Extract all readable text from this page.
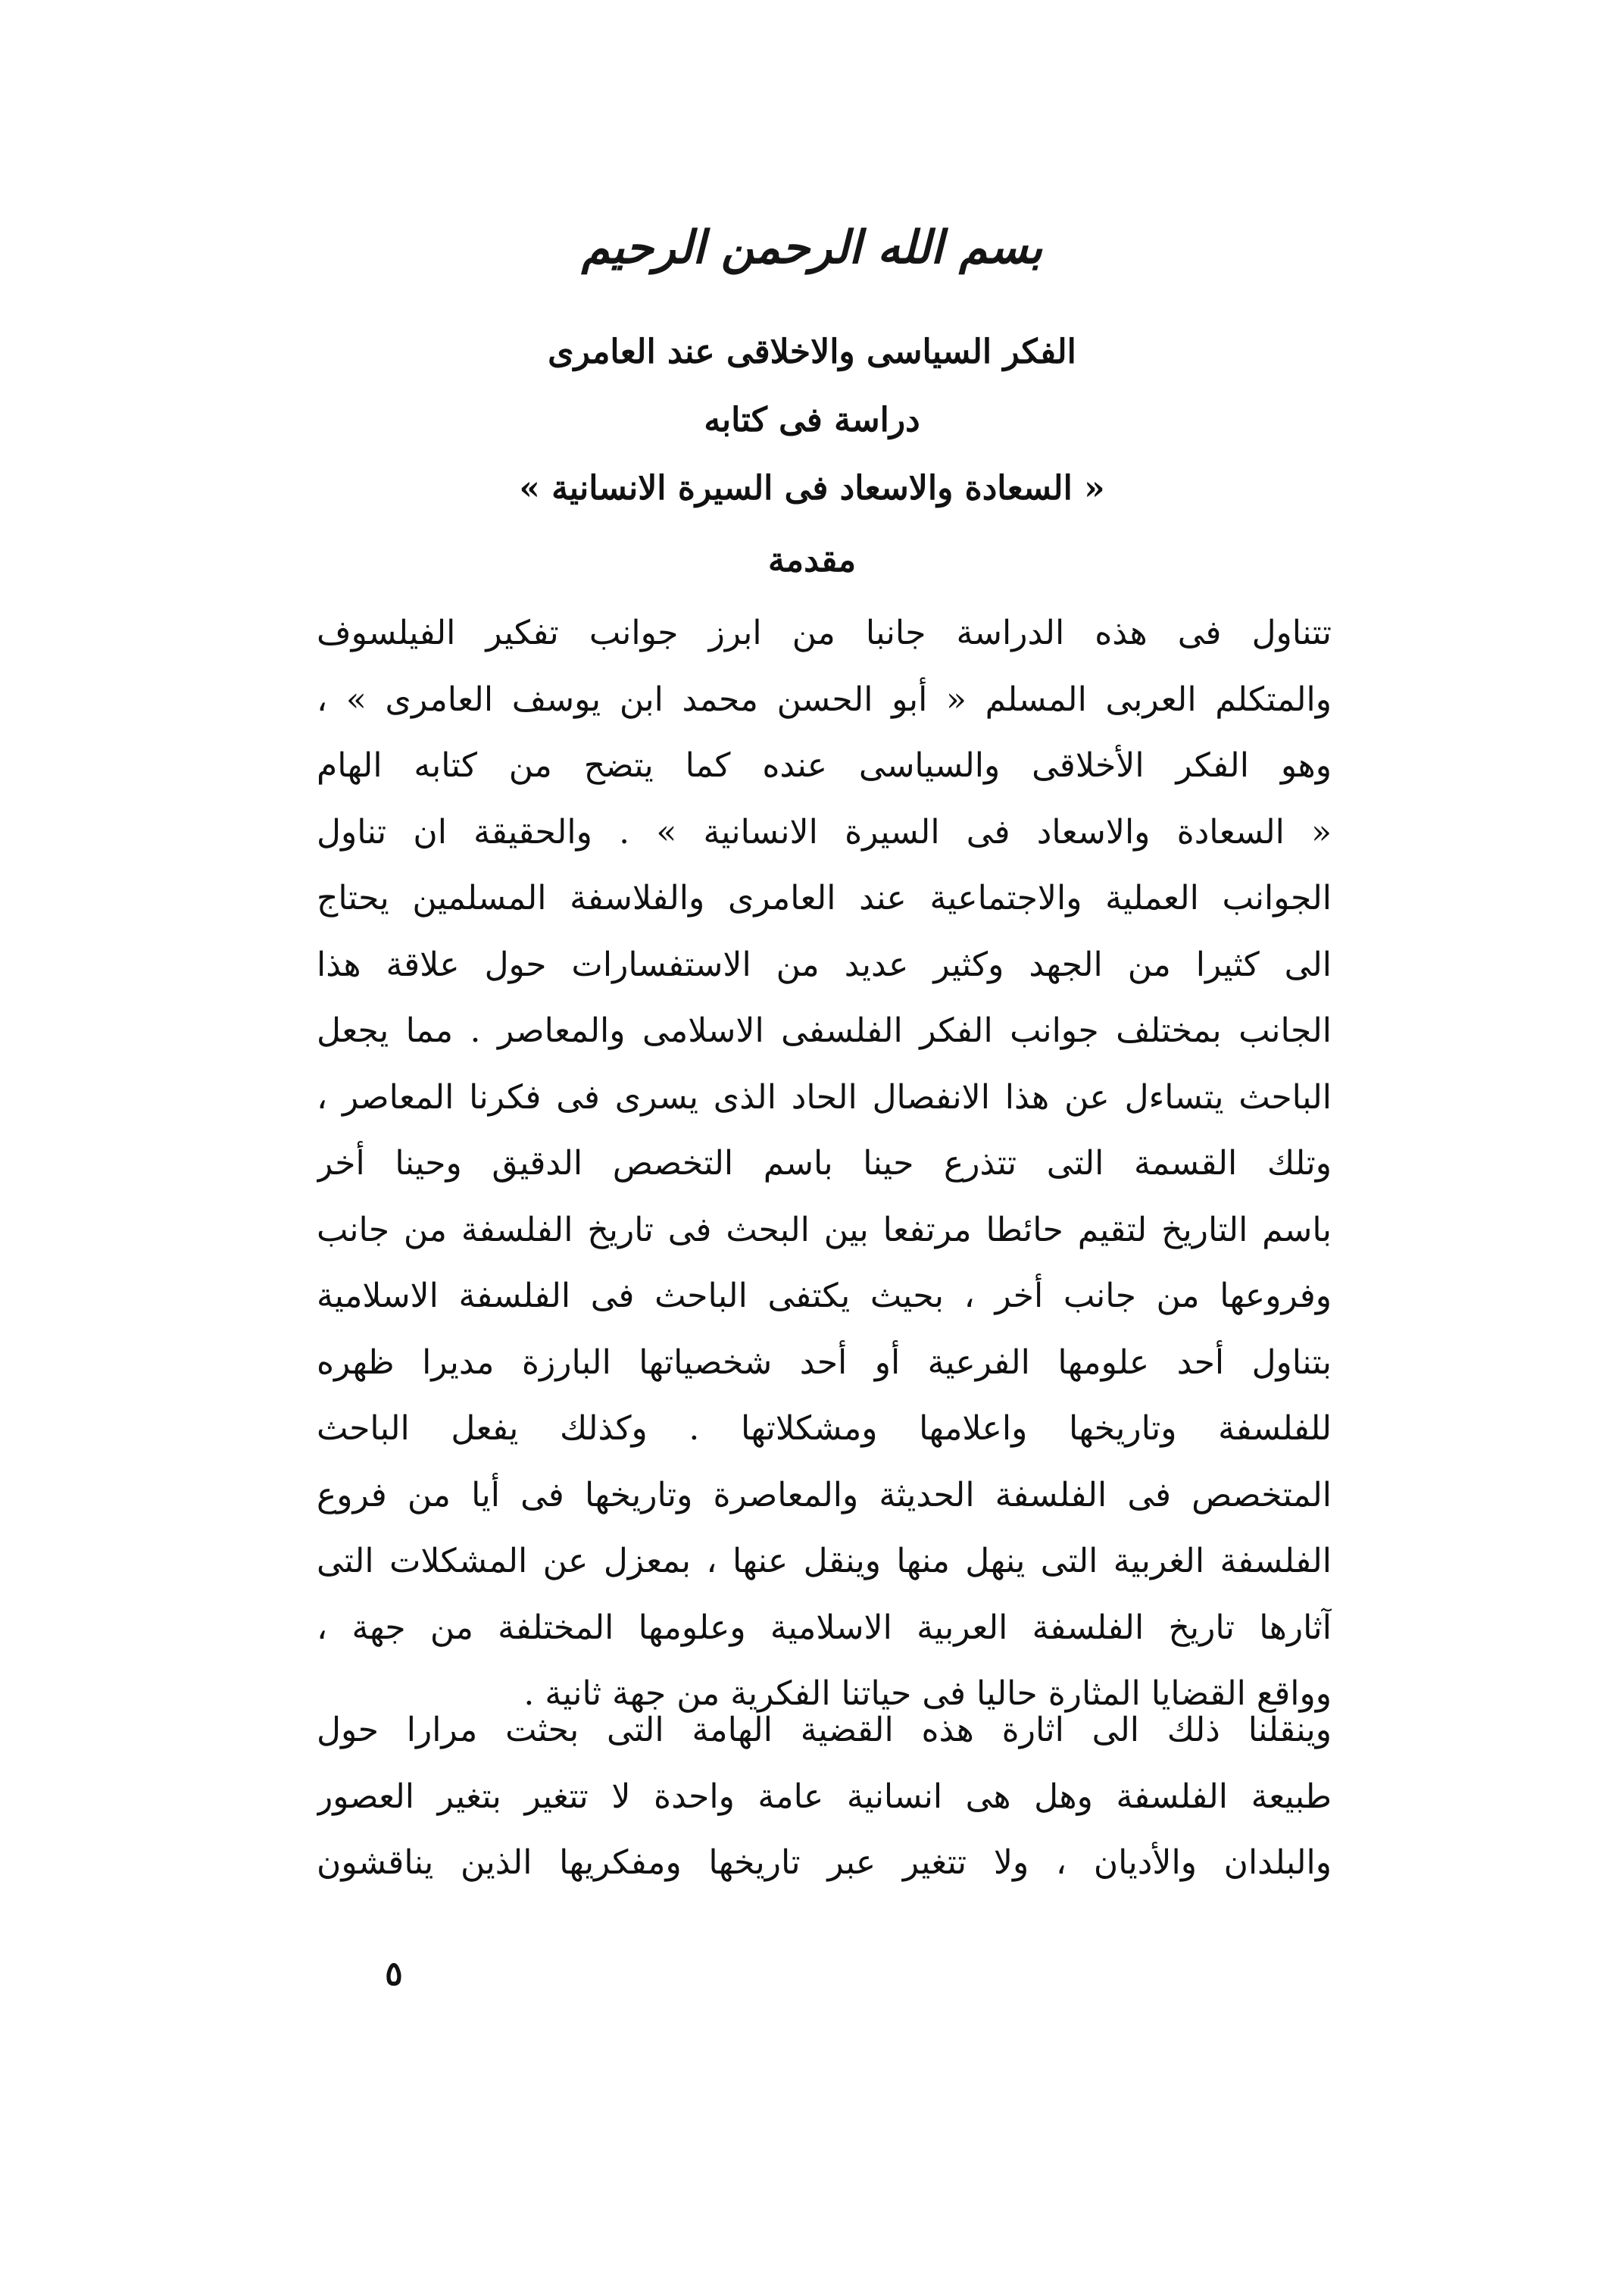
بسم الله الرحمن الرحيم
الفكر السياسى والاخلاقى عند العامرى
دراسة فى كتابه
« السعادة والاسعاد فى السيرة الانسانية »
مقدمة
تتناول فى هذه الدراسة جانبا من ابرز جوانب تفكير الفيلسوف
والمتكلم العربى المسلم « أبو الحسن محمد ابن يوسف العامرى » ،
وهو الفكر الأخلاقى والسياسى عنده كما يتضح من كتابه الهام
« السعادة والاسعاد فى السيرة الانسانية » . والحقيقة ان تناول
الجوانب العملية والاجتماعية عند العامرى والفلاسفة المسلمين يحتاج
الى كثيرا من الجهد وكثير عديد من الاستفسارات حول علاقة هذا
الجانب بمختلف جوانب الفكر الفلسفى الاسلامى والمعاصر . مما يجعل
الباحث يتساءل عن هذا الانفصال الحاد الذى يسرى فى فكرنا المعاصر ،
وتلك القسمة التى تتذرع حينا باسم التخصص الدقيق وحينا أخر
باسم التاريخ لتقيم حائطا مرتفعا بين البحث فى تاريخ الفلسفة من جانب
وفروعها من جانب أخر ، بحيث يكتفى الباحث فى الفلسفة الاسلامية
بتناول أحد علومها الفرعية أو أحد شخصياتها البارزة مديرا ظهره
للفلسفة وتاريخها واعلامها ومشكلاتها . وكذلك يفعل الباحث
المتخصص فى الفلسفة الحديثة والمعاصرة وتاريخها فى أيا من فروع
الفلسفة الغربية التى ينهل منها وينقل عنها ، بمعزل عن المشكلات التى
آثارها تاريخ الفلسفة العربية الاسلامية وعلومها المختلفة من جهة ،
وواقع القضايا المثارة حاليا فى حياتنا الفكرية من جهة ثانية .
وينقلنا ذلك الى اثارة هذه القضية الهامة التى بحثت مرارا حول
طبيعة الفلسفة وهل هى انسانية عامة واحدة لا تتغير بتغير العصور
والبلدان والأديان ، ولا تتغير عبر تاريخها ومفكريها الذين يناقشون
٥
